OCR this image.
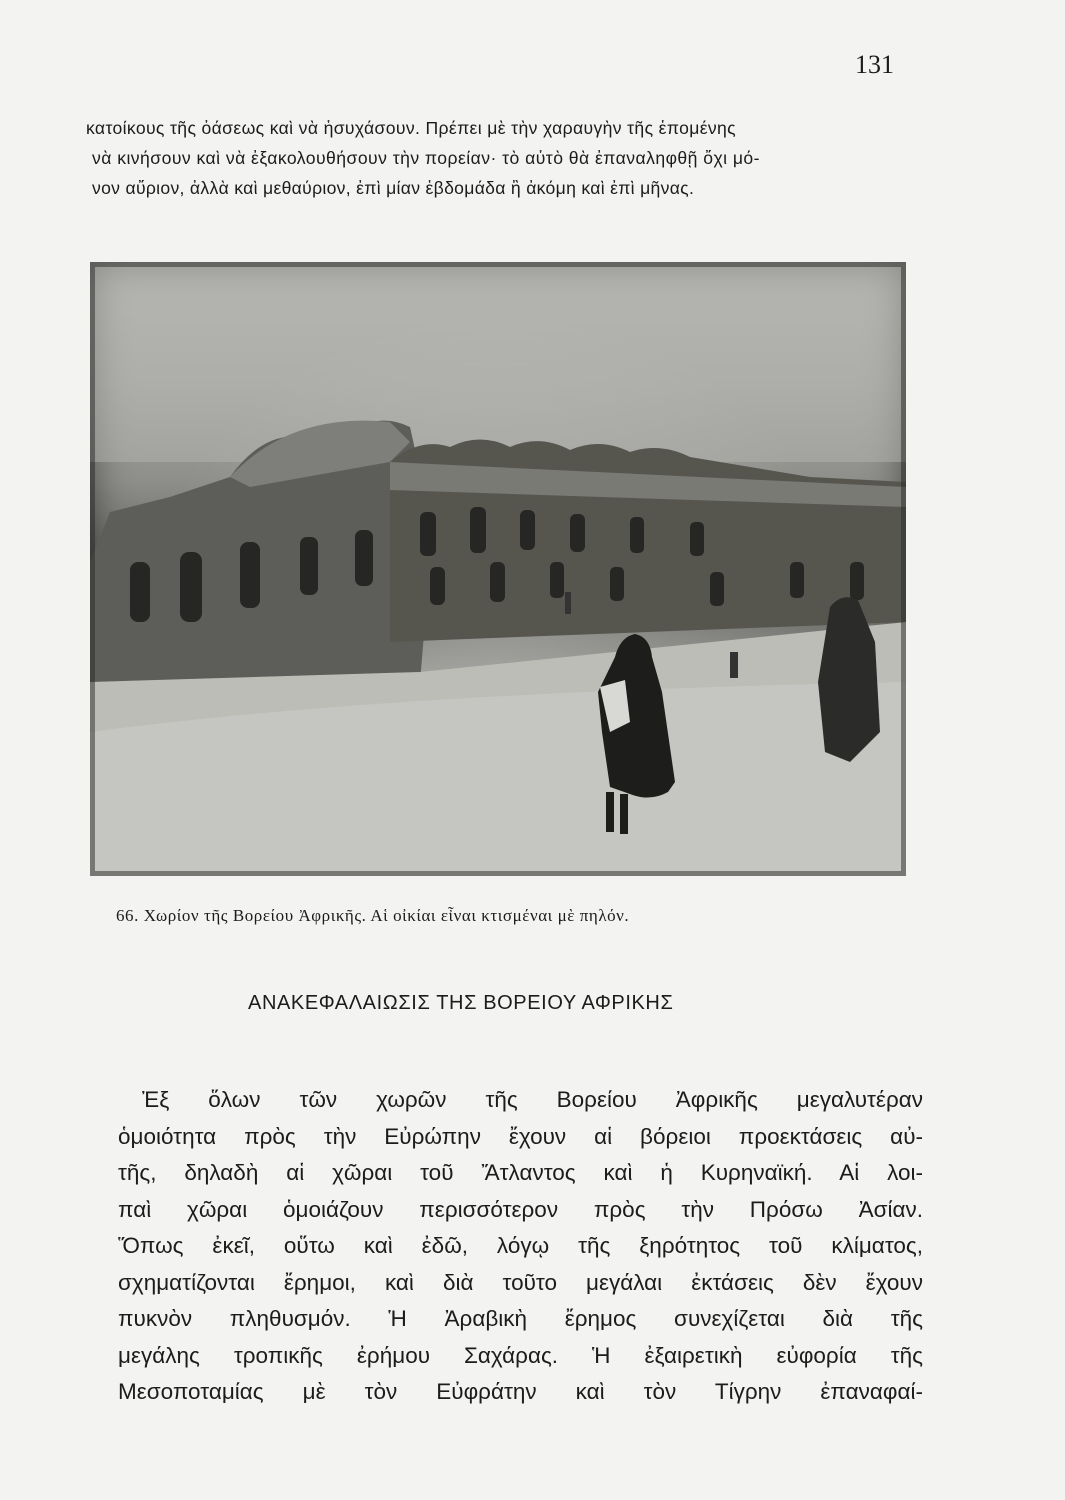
131
κατοίκους τῆς ὀάσεως καὶ νὰ ἡσυχάσουν. Πρέπει μὲ τὴν χαραυγὴν τῆς ἑπομένης
νὰ κινήσουν καὶ νὰ ἐξακολουθήσουν τὴν πορείαν· τὸ αὐτὸ θὰ ἐπαναληφθῇ ὄχι μό-
νον αὔριον, ἀλλὰ καὶ μεθαύριον, ἐπὶ μίαν ἑβδομάδα ἢ ἀκόμη καὶ ἐπὶ μῆνας.
66. Χωρίον τῆς Βορείου Ἀφρικῆς. Αἱ οἰκίαι εἶναι κτισμέναι μὲ πηλόν.
ΑΝΑΚΕΦΑΛΑΙΩΣΙΣ ΤΗΣ ΒΟΡΕΙΟΥ ΑΦΡΙΚΗΣ
Ἐξ ὅλων τῶν χωρῶν τῆς Βορείου Ἀφρικῆς μεγαλυτέραν
ὁμοιότητα πρὸς τὴν Εὐρώπην ἔχουν αἱ βόρειοι προεκτάσεις αὐ-
τῆς, δηλαδὴ αἱ χῶραι τοῦ Ἄτλαντος καὶ ἡ Κυρηναϊκή. Αἱ λοι-
παὶ χῶραι ὁμοιάζουν περισσότερον πρὸς τὴν Πρόσω Ἀσίαν.
Ὅπως ἐκεῖ, οὕτω καὶ ἐδῶ, λόγῳ τῆς ξηρότητος τοῦ κλίματος,
σχηματίζονται ἔρημοι, καὶ διὰ τοῦτο μεγάλαι ἐκτάσεις δὲν ἔχουν
πυκνὸν πληθυσμόν. Ἡ Ἀραβικὴ ἔρημος συνεχίζεται διὰ τῆς
μεγάλης τροπικῆς ἐρήμου Σαχάρας. Ἡ ἐξαιρετικὴ εὐφορία τῆς
Μεσοποταμίας μὲ τὸν Εὐφράτην καὶ τὸν Τίγρην ἐπαναφαί-
